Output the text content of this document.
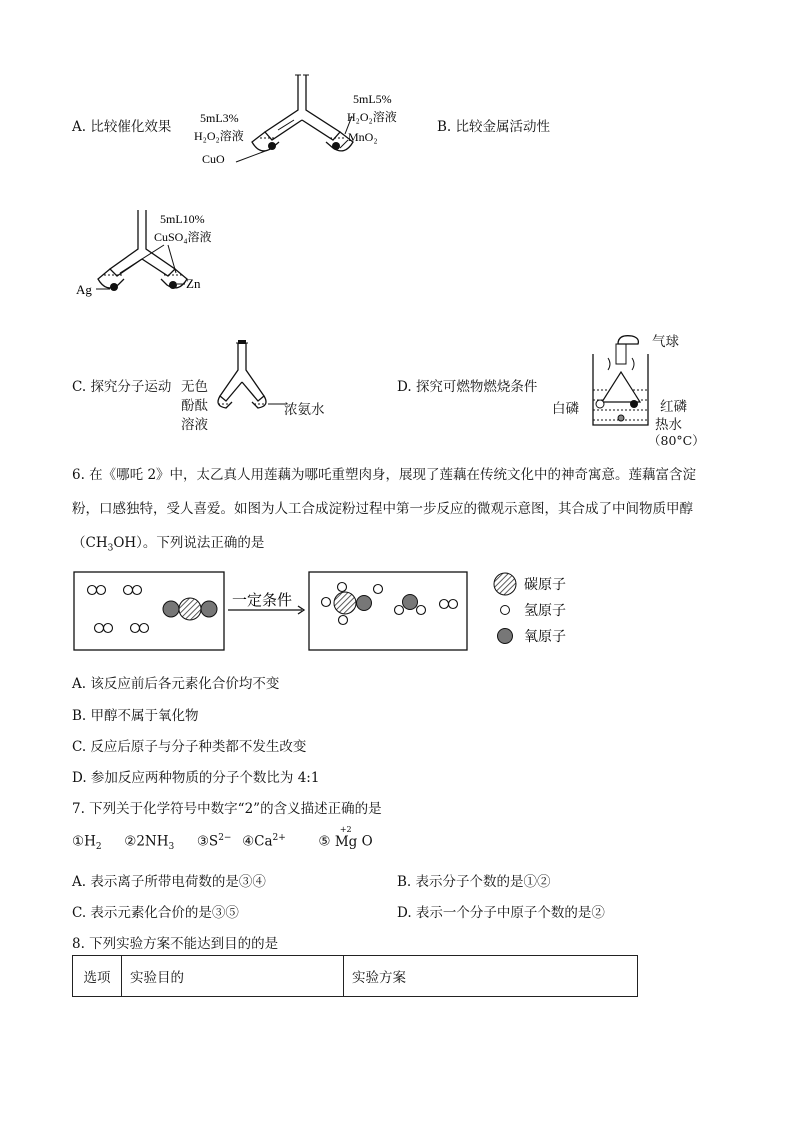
A. 比较催化效果
5mL3%
H₂O₂溶液
CuO
5mL5%
H₂O₂溶液
MnO₂
B. 比较金属活动性
5mL10%
CuSO₄溶液
Ag	Zn
C. 探究分子运动 无色
酚酞
溶液
浓氨水
D. 探究可燃物燃烧条件
气球
白磷	红磷
热水
（80°C）
6. 在《哪吒 2》中，太乙真人用莲藕为哪吒重塑肉身，展现了莲藕在传统文化中的神奇寓意。莲藕富含淀
粉，口感独特，受人喜爱。如图为人工合成淀粉过程中第一步反应的微观示意图，其合成了中间物质甲醇
$(CH_3OH)$。下列说法正确的是
一定条件
碳原子
氢原子
氧原子
A. 该反应前后各元素化合价均不变
B. 甲醇不属于氧化物
C. 反应后原子与分子种类都不发生改变
D. 参加反应两种物质的分子个数比为 4:1
7. 下列关于化学符号中数字“2”的含义描述正确的是
$①H_2$ $②2NH_3$ $③S^{2-}$ $④Ca^{2+}$ ⑤
+2
Mg O
A. 表示离子所带电荷数的是③④	B. 表示分子个数的是①②
C. 表示元素化合价的是③⑤	D. 表示一个分子中原子个数的是②
8. 下列实验方案不能达到目的的是
选项	实验目的	实验方案
